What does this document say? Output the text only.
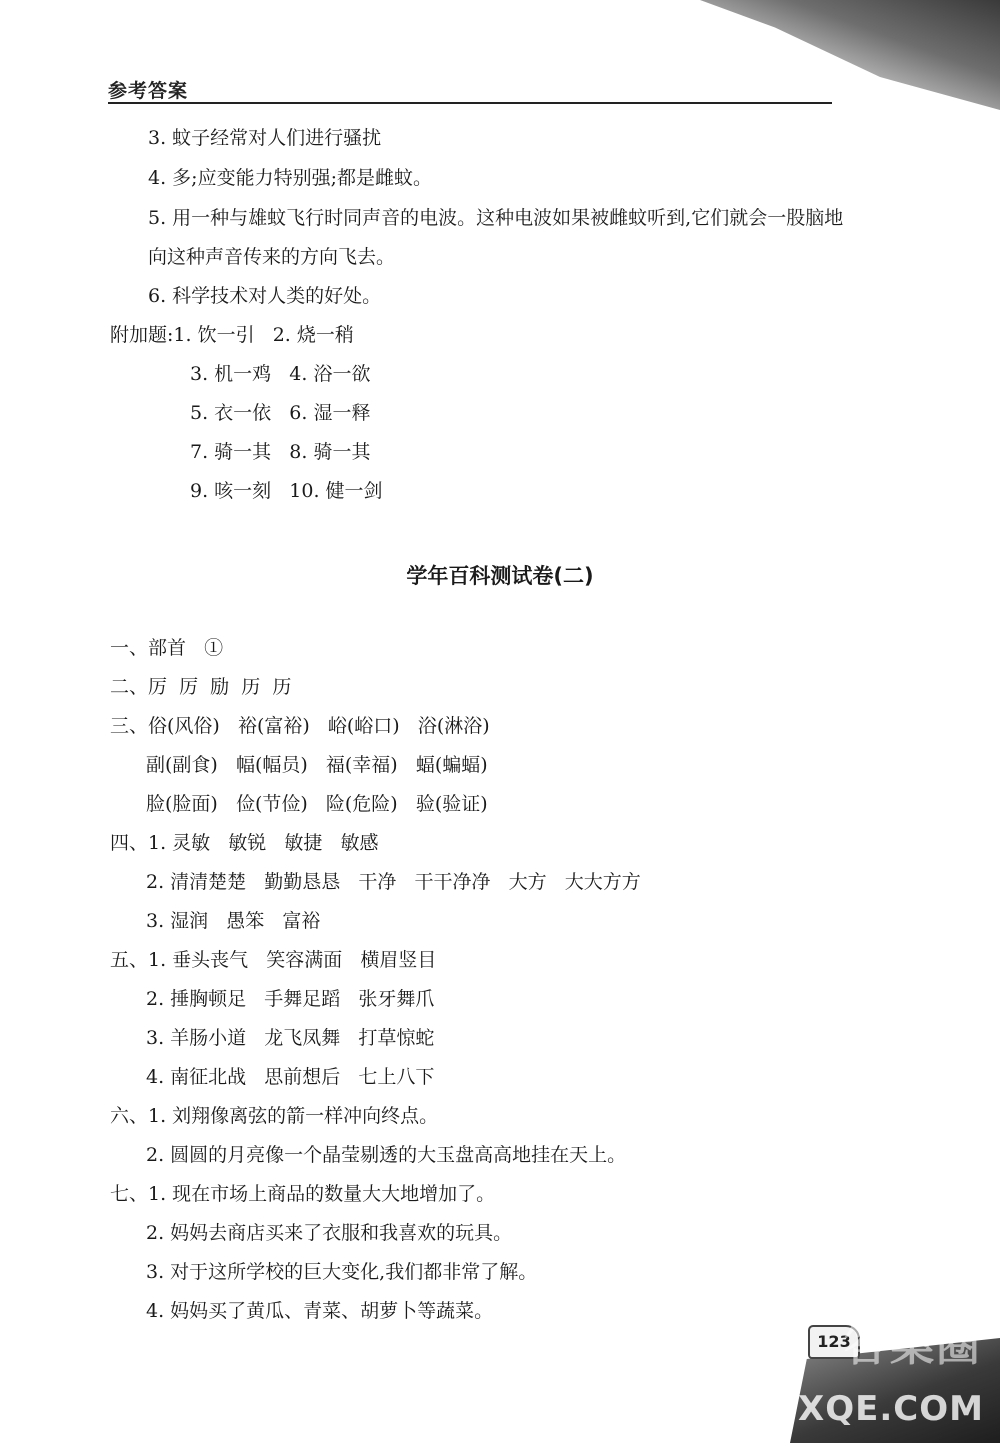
参考答案
3. 蚊子经常对人们进行骚扰
4. 多;应变能力特别强;都是雌蚊。
5. 用一种与雄蚊飞行时同声音的电波。这种电波如果被雌蚊听到,它们就会一股脑地
向这种声音传来的方向飞去。
6. 科学技术对人类的好处。
附加题:1. 饮一引   2. 烧一稍
3. 机一鸡   4. 浴一欲
5. 衣一依   6. 湿一释
7. 骑一其   8. 骑一其
9. 咳一刻   10. 健一剑
学年百科测试卷(二)
一、部首   ①
二、厉  厉  励  历  历
三、俗(风俗)   裕(富裕)   峪(峪口)   浴(淋浴)
副(副食)   幅(幅员)   福(幸福)   蝠(蝙蝠)
脸(脸面)   俭(节俭)   险(危险)   验(验证)
四、1. 灵敏   敏锐   敏捷   敏感
2. 清清楚楚   勤勤恳恳   干净   干干净净   大方   大大方方
3. 湿润   愚笨   富裕
五、1. 垂头丧气   笑容满面   横眉竖目
2. 捶胸顿足   手舞足蹈   张牙舞爪
3. 羊肠小道   龙飞凤舞   打草惊蛇
4. 南征北战   思前想后   七上八下
六、1. 刘翔像离弦的箭一样冲向终点。
2. 圆圆的月亮像一个晶莹剔透的大玉盘高高地挂在天上。
七、1. 现在市场上商品的数量大大地增加了。
2. 妈妈去商店买来了衣服和我喜欢的玩具。
3. 对于这所学校的巨大变化,我们都非常了解。
4. 妈妈买了黄瓜、青菜、胡萝卜等蔬菜。
123
答案圈
MXQE.COM
